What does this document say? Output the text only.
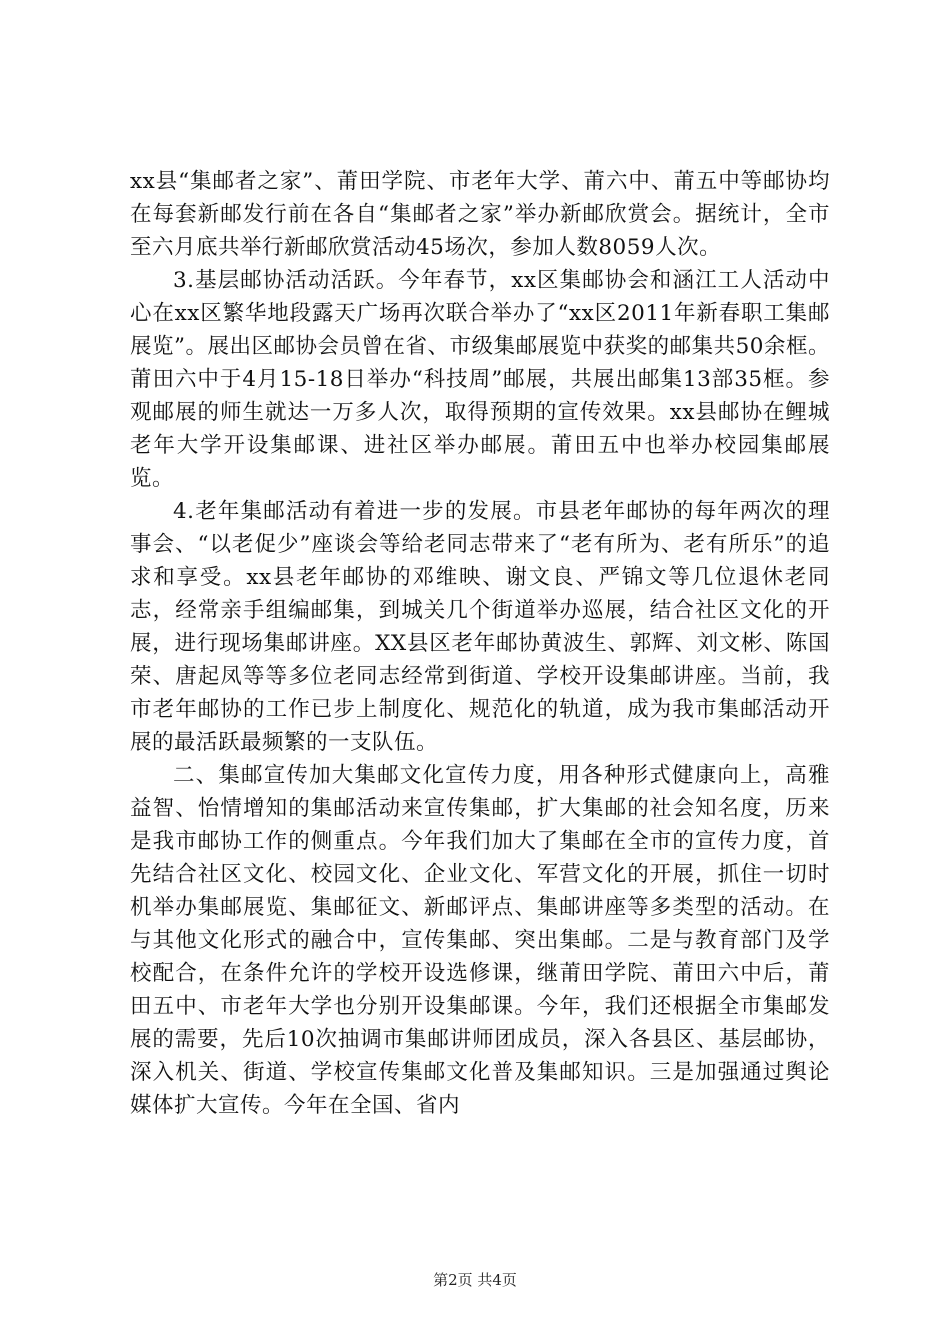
xx县“集邮者之家”、莆田学院、市老年大学、莆六中、莆五中等邮协均在每套新邮发行前在各自“集邮者之家”举办新邮欣赏会。据统计，全市至六月底共举行新邮欣赏活动45场次，参加人数8059人次。

3.基层邮协活动活跃。今年春节，xx区集邮协会和涵江工人活动中心在xx区繁华地段露天广场再次联合举办了“xx区2011年新春职工集邮展览”。展出区邮协会员曾在省、市级集邮展览中获奖的邮集共50余框。莆田六中于4月15-18日举办“科技周”邮展，共展出邮集13部35框。参观邮展的师生就达一万多人次，取得预期的宣传效果。xx县邮协在鲤城老年大学开设集邮课、进社区举办邮展。莆田五中也举办校园集邮展览。

4.老年集邮活动有着进一步的发展。市县老年邮协的每年两次的理事会、“以老促少”座谈会等给老同志带来了“老有所为、老有所乐”的追求和享受。xx县老年邮协的邓维映、谢文良、严锦文等几位退休老同志，经常亲手组编邮集，到城关几个街道举办巡展，结合社区文化的开展，进行现场集邮讲座。XX县区老年邮协黄波生、郭辉、刘文彬、陈国荣、唐起凤等等多位老同志经常到街道、学校开设集邮讲座。当前，我市老年邮协的工作已步上制度化、规范化的轨道，成为我市集邮活动开展的最活跃最频繁的一支队伍。

二、集邮宣传加大集邮文化宣传力度，用各种形式健康向上，高雅益智、怡情增知的集邮活动来宣传集邮，扩大集邮的社会知名度，历来是我市邮协工作的侧重点。今年我们加大了集邮在全市的宣传力度，首先结合社区文化、校园文化、企业文化、军营文化的开展，抓住一切时机举办集邮展览、集邮征文、新邮评点、集邮讲座等多类型的活动。在与其他文化形式的融合中，宣传集邮、突出集邮。二是与教育部门及学校配合，在条件允许的学校开设选修课，继莆田学院、莆田六中后，莆田五中、市老年大学也分别开设集邮课。今年，我们还根据全市集邮发展的需要，先后10次抽调市集邮讲师团成员，深入各县区、基层邮协，深入机关、街道、学校宣传集邮文化普及集邮知识。三是加强通过舆论媒体扩大宣传。今年在全国、省内

第2页 共4页
